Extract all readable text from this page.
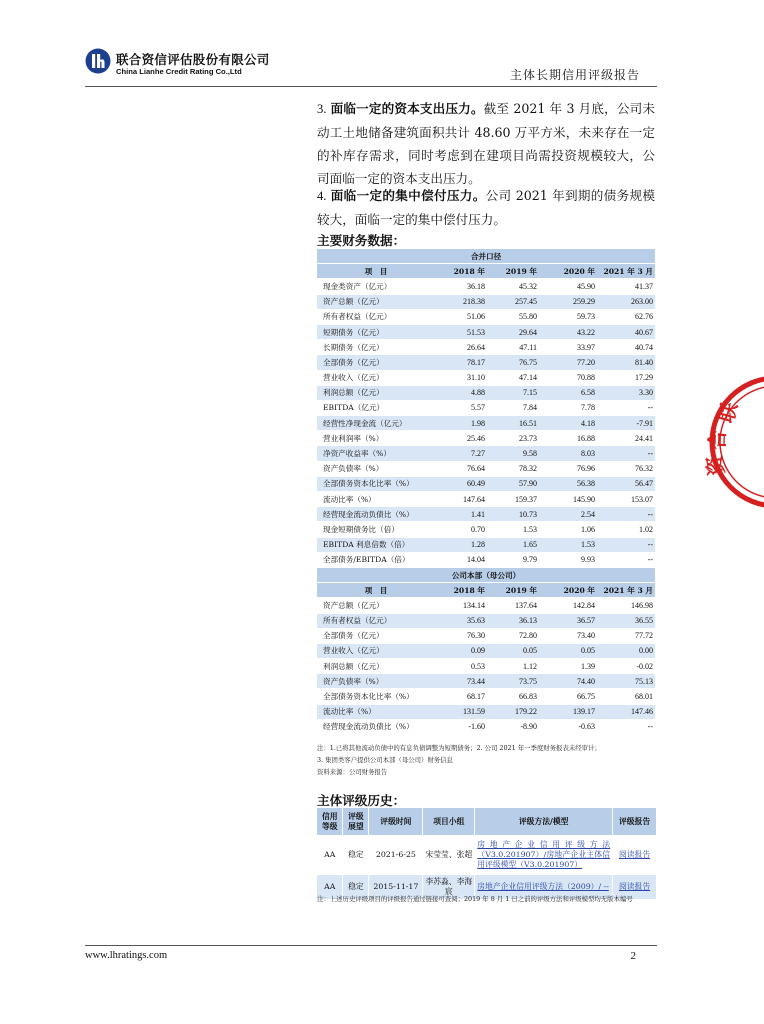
联合资信评估股份有限公司
China Lianhe Credit Rating Co.,Ltd	主体长期信用评级报告
3. 面临一定的资本支出压力。截至 2021 年 3 月底，公司未动工土地储备建筑面积共计 48.60 万平方米，未来存在一定的补库存需求，同时考虑到在建项目尚需投资规模较大，公司面临一定的资本支出压力。
4. 面临一定的集中偿付压力。公司 2021 年到期的债务规模较大，面临一定的集中偿付压力。
主要财务数据：
合并口径				
项　目	2018 年	2019 年	2020 年	2021 年 3 月
现金类资产（亿元）	36.18	45.32	45.90	41.37
资产总额（亿元）	218.38	257.45	259.29	263.00
所有者权益（亿元）	51.06	55.80	59.73	62.76
短期债务（亿元）	51.53	29.64	43.22	40.67
长期债务（亿元）	26.64	47.11	33.97	40.74
全部债务（亿元）	78.17	76.75	77.20	81.40
营业收入（亿元）	31.10	47.14	70.88	17.29
利润总额（亿元）	4.88	7.15	6.58	3.30
EBITDA（亿元）	5.57	7.84	7.78	--
经营性净现金流（亿元）	1.98	16.51	4.18	-7.91
营业利润率（%）	25.46	23.73	16.88	24.41
净资产收益率（%）	7.27	9.58	8.03	--
资产负债率（%）	76.64	78.32	76.96	76.32
全部债务资本化比率（%）	60.49	57.90	56.38	56.47
流动比率（%）	147.64	159.37	145.90	153.07
经营现金流动负债比（%）	1.41	10.73	2.54	--
现金短期债务比（倍）	0.70	1.53	1.06	1.02
EBITDA 利息倍数（倍）	1.28	1.65	1.53	--
全部债务/EBITDA（倍）	14.04	9.79	9.93	--
公司本部（母公司）				
项　目	2018 年	2019 年	2020 年	2021 年 3 月
资产总额（亿元）	134.14	137.64	142.84	146.98
所有者权益（亿元）	35.63	36.13	36.57	36.55
全部债务（亿元）	76.30	72.80	73.40	77.72
营业收入（亿元）	0.09	0.05	0.05	0.00
利润总额（亿元）	0.53	1.12	1.39	-0.02
资产负债率（%）	73.44	73.75	74.40	75.13
全部债务资本化比率（%）	68.17	66.83	66.75	68.01
流动比率（%）	131.59	179.22	139.17	147.46
经营现金流动负债比（%）	-1.60	-8.90	-0.63	--
注：1.已将其他流动负债中的有息负债调整为短期债务；2. 公司 2021 年一季度财务报表未经审计；
3. 集团类客户提供公司本部（母公司）财务信息
资料来源：公司财务报告
主体评级历史：
信用等级	评级展望	评级时间	项目小组	评级方法/模型	评级报告
AA	稳定	2021-6-25	宋莹莹、张超	房地产企业信用评级方法（V3.0.201907）/房地产企业主体信用评级模型（V3.0.201907）	阅读报告
AA	稳定	2015-11-17	李苏淼、李海宸	房地产企业信用评级方法（2009）/ --	阅读报告
注：上述历史评级项目的评级报告通过链接可查阅；2019 年 8 月 1 日之前的评级方法和评级模型均无版本编号
www.lhratings.com	2
联
合
资
